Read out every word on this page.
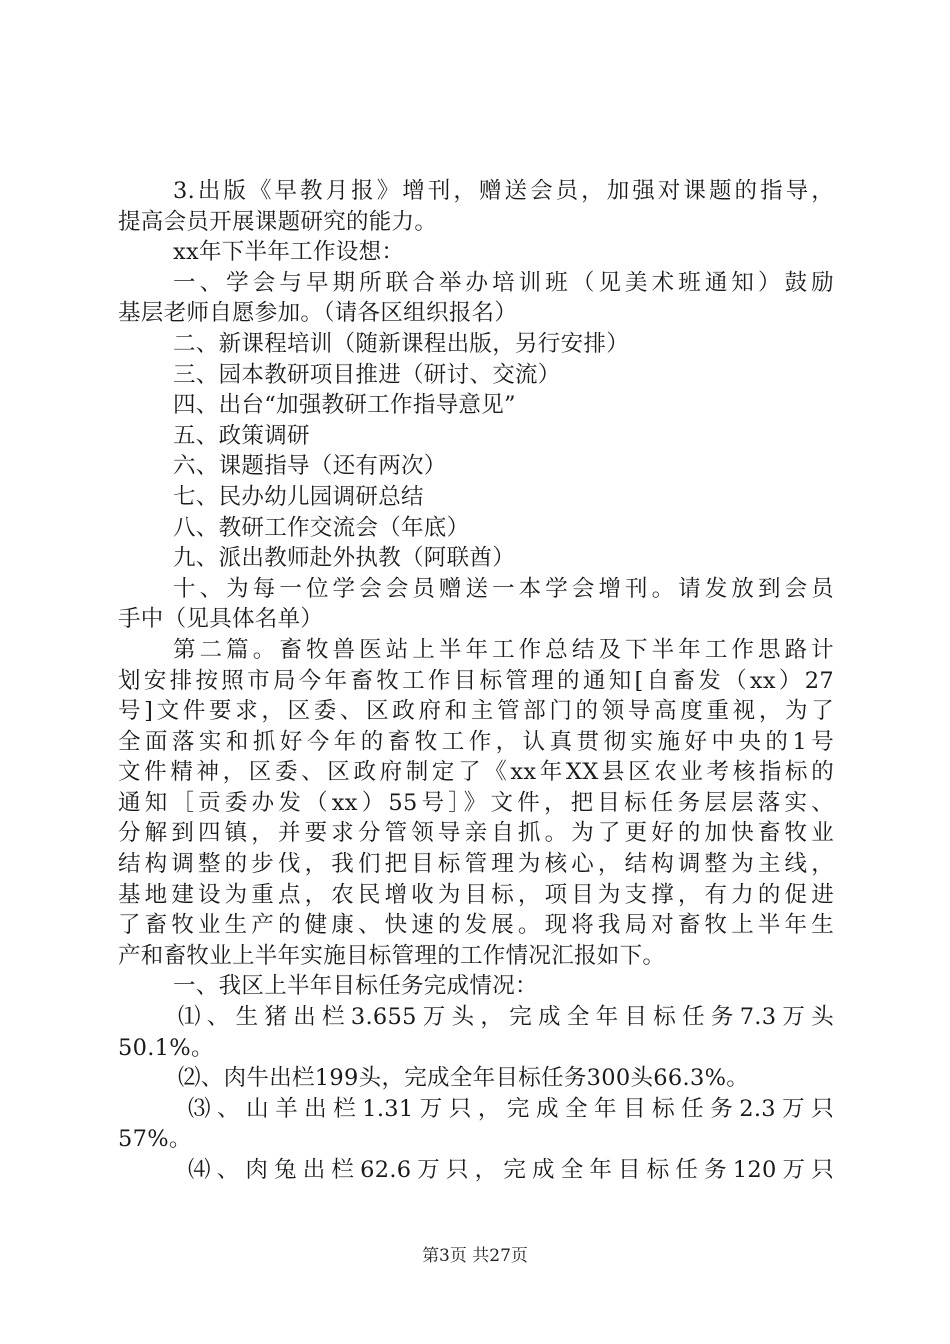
3.出版《早教月报》增刊，赠送会员，加强对课题的指导，
提高会员开展课题研究的能力。
xx年下半年工作设想：
一、学会与早期所联合举办培训班（见美术班通知）鼓励
基层老师自愿参加。（请各区组织报名）
二、新课程培训（随新课程出版，另行安排）
三、园本教研项目推进（研讨、交流）
四、出台“加强教研工作指导意见”
五、政策调研
六、课题指导（还有两次）
七、民办幼儿园调研总结
八、教研工作交流会（年底）
九、派出教师赴外执教（阿联酋）
十、为每一位学会会员赠送一本学会增刊。请发放到会员
手中（见具体名单）
第二篇。畜牧兽医站上半年工作总结及下半年工作思路计
划安排按照市局今年畜牧工作目标管理的通知[自畜发（xx）27
号]文件要求，区委、区政府和主管部门的领导高度重视，为了
全面落实和抓好今年的畜牧工作，认真贯彻实施好中央的1号
文件精神，区委、区政府制定了《xx年XX县区农业考核指标的
通知［贡委办发（xx）55号］》文件，把目标任务层层落实、
分解到四镇，并要求分管领导亲自抓。为了更好的加快畜牧业
结构调整的步伐，我们把目标管理为核心，结构调整为主线，
基地建设为重点，农民增收为目标，项目为支撑，有力的促进
了畜牧业生产的健康、快速的发展。现将我局对畜牧上半年生
产和畜牧业上半年实施目标管理的工作情况汇报如下。
一、我区上半年目标任务完成情况：
⑴、生猪出栏3.655万头，完成全年目标任务7.3万头
50.1%。
⑵、肉牛出栏199头，完成全年目标任务300头66.3%。
⑶、山羊出栏1.31万只，完成全年目标任务2.3万只
57%。
⑷、肉兔出栏62.6万只，完成全年目标任务120万只
第3页 共27页
